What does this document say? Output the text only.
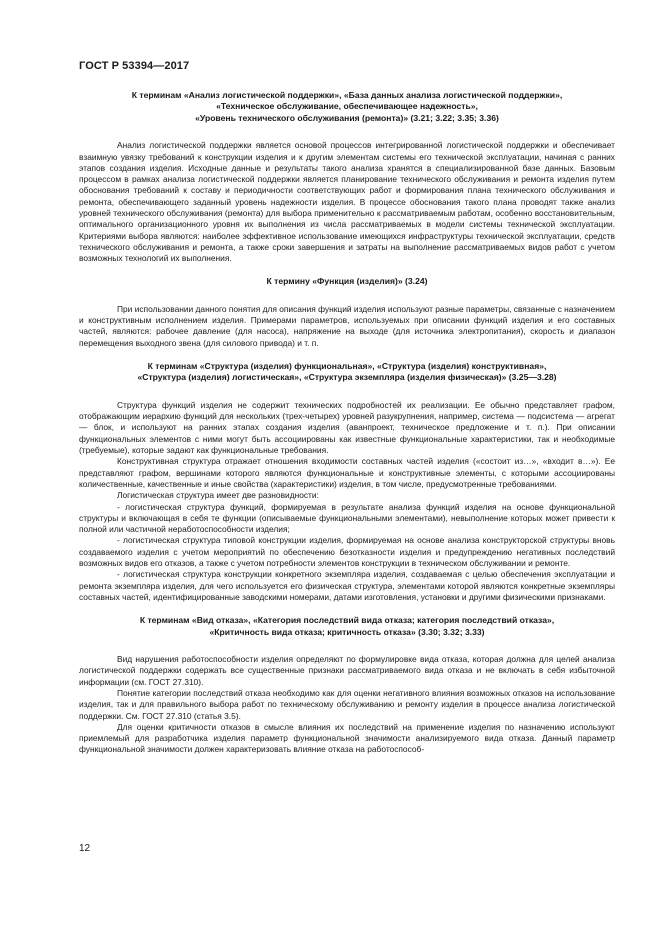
ГОСТ Р 53394—2017
К терминам «Анализ логистической поддержки», «База данных анализа логистической поддержки»,
«Техническое обслуживание, обеспечивающее надежность»,
«Уровень технического обслуживания (ремонта)» (3.21; 3.22; 3.35; 3.36)

Анализ логистической поддержки является основой процессов интегрированной логистической поддержки и обеспечивает взаимную увязку требований к конструкции изделия и к другим элементам системы его технической эксплуатации, начиная с ранних этапов создания изделия. Исходные данные и результаты такого анализа хранятся в специализированной базе данных. Базовым процессом в рамках анализа логистической поддержки является планирование технического обслуживания и ремонта изделия путем обоснования требований к составу и периодичности соответствующих работ и формирования плана технического обслуживания и ремонта, обеспечивающего заданный уровень надежности изделия. В процессе обоснования такого плана проводят также анализ уровней технического обслуживания (ремонта) для выбора применительно к рассматриваемым работам, особенно восстановительным, оптимального организационного уровня их выполнения из числа рассматриваемых в модели системы технической эксплуатации. Критериями выбора являются: наиболее эффективное использование имеющихся инфраструктуры технической эксплуатации, средств технического обслуживания и ремонта, а также сроки завершения и затраты на выполнение рассматриваемых видов работ с учетом возможных технологий их выполнения.

К термину «Функция (изделия)» (3.24)

При использовании данного понятия для описания функций изделия используют разные параметры, связанные с назначением и конструктивным исполнением изделия. Примерами параметров, используемых при описании функций изделия и его составных частей, являются: рабочее давление (для насоса), напряжение на выходе (для источника электропитания), скорость и диапазон перемещения выходного звена (для силового привода) и т. п.

К терминам «Структура (изделия) функциональная», «Структура (изделия) конструктивная»,
«Структура (изделия) логистическая», «Структура экземпляра (изделия физическая)» (3.25—3.28)

Структура функций изделия не содержит технических подробностей их реализации. Ее обычно представляет графом, отображающим иерархию функций для нескольких (трех-четырех) уровней разукрупнения, например, система — подсистема — агрегат — блок, и используют на ранних этапах создания изделия (аванпроект, техническое предложение и т. п.). При описании функциональных элементов с ними могут быть ассоциированы как известные функциональные характеристики, так и необходимые (требуемые), которые задают как функциональные требования.

Конструктивная структура отражает отношения входимости составных частей изделия («состоит из…», «входит в…»). Ее представляют графом, вершинами которого являются функциональные и конструктивные элементы, с которыми ассоциированы количественные, качественные и иные свойства (характеристики) изделия, в том числе, предусмотренные требованиями.

Логистическая структура имеет две разновидности:

- логистическая структура функций, формируемая в результате анализа функций изделия на основе функциональной структуры и включающая в себя те функции (описываемые функциональными элементами), невыполнение которых может привести к полной или частичной неработоспособности изделия;

- логистическая структура типовой конструкции изделия, формируемая на основе анализа конструкторской структуры вновь создаваемого изделия с учетом мероприятий по обеспечению безотказности изделия и предупреждению негативных последствий возможных видов его отказов, а также с учетом потребности элементов конструкции в техническом обслуживании и ремонте.

- логистическая структура конструкции конкретного экземпляра изделия, создаваемая с целью обеспечения эксплуатации и ремонта экземпляра изделия, для чего используется его физическая структура, элементами которой являются конкретные экземпляры составных частей, идентифицированные заводскими номерами, датами изготовления, установки и другими физическими признаками.

К терминам «Вид отказа», «Категория последствий вида отказа; категория последствий отказа»,
«Критичность вида отказа; критичность отказа» (3.30; 3.32; 3.33)

Вид нарушения работоспособности изделия определяют по формулировке вида отказа, которая должна для целей анализа логистической поддержки содержать все существенные признаки рассматриваемого вида отказа и не включать в себя избыточной информации (см. ГОСТ 27.310).

Понятие категории последствий отказа необходимо как для оценки негативного влияния возможных отказов на использование изделия, так и для правильного выбора работ по техническому обслуживанию и ремонту изделия в процессе анализа логистической поддержки. См. ГОСТ 27.310 (статья 3.5).

Для оценки критичности отказов в смысле влияния их последствий на применение изделия по назначению используют приемлемый для разработчика изделия параметр функциональной значимости анализируемого вида отказа. Данный параметр функциональной значимости должен характеризовать влияние отказа на работоспособ-

12
